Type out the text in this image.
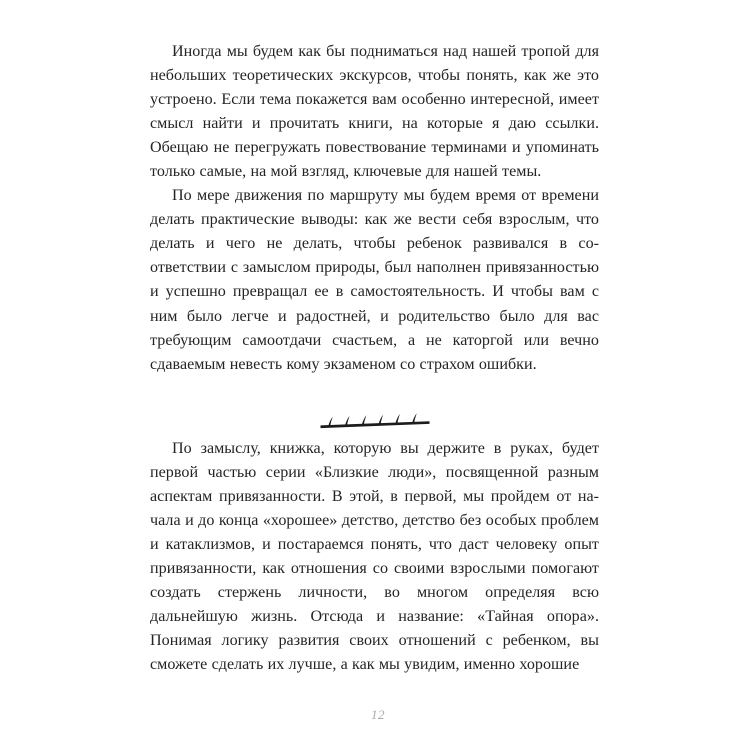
Иногда мы будем как бы подниматься над нашей тропой для небольших теоретических экскурсов, чтобы понять, как же это устроено. Если тема покажется вам особенно интересной, имеет смысл найти и прочитать книги, на которые я даю ссылки. Обещаю не перегружать повествование терминами и упоминать только самые, на мой взгляд, ключевые для нашей темы.

По мере движения по маршруту мы будем время от времени делать практические выводы: как же вести себя взрослым, что делать и чего не делать, чтобы ребенок развивался в соответствии с замыслом природы, был наполнен привязанностью и успешно превращал ее в самостоятельность. И чтобы вам с ним было легче и радостней, и родительство было для вас требующим самоотдачи счастьем, а не каторгой или вечно сдаваемым невесть кому экзаменом со страхом ошибки.

По замыслу, книжка, которую вы держите в руках, будет первой частью серии «Близкие люди», посвященной разным аспектам привязанности. В этой, в первой, мы пройдем от начала и до конца «хорошее» детство, детство без особых проблем и катаклизмов, и постараемся понять, что даст человеку опыт привязанности, как отношения со своими взрослыми помогают создать стержень личности, во многом определяя всю дальнейшую жизнь. Отсюда и название: «Тайная опора». Понимая логику развития своих отношений с ребенком, вы сможете сделать их лучше, а как мы увидим, именно хорошие

12
